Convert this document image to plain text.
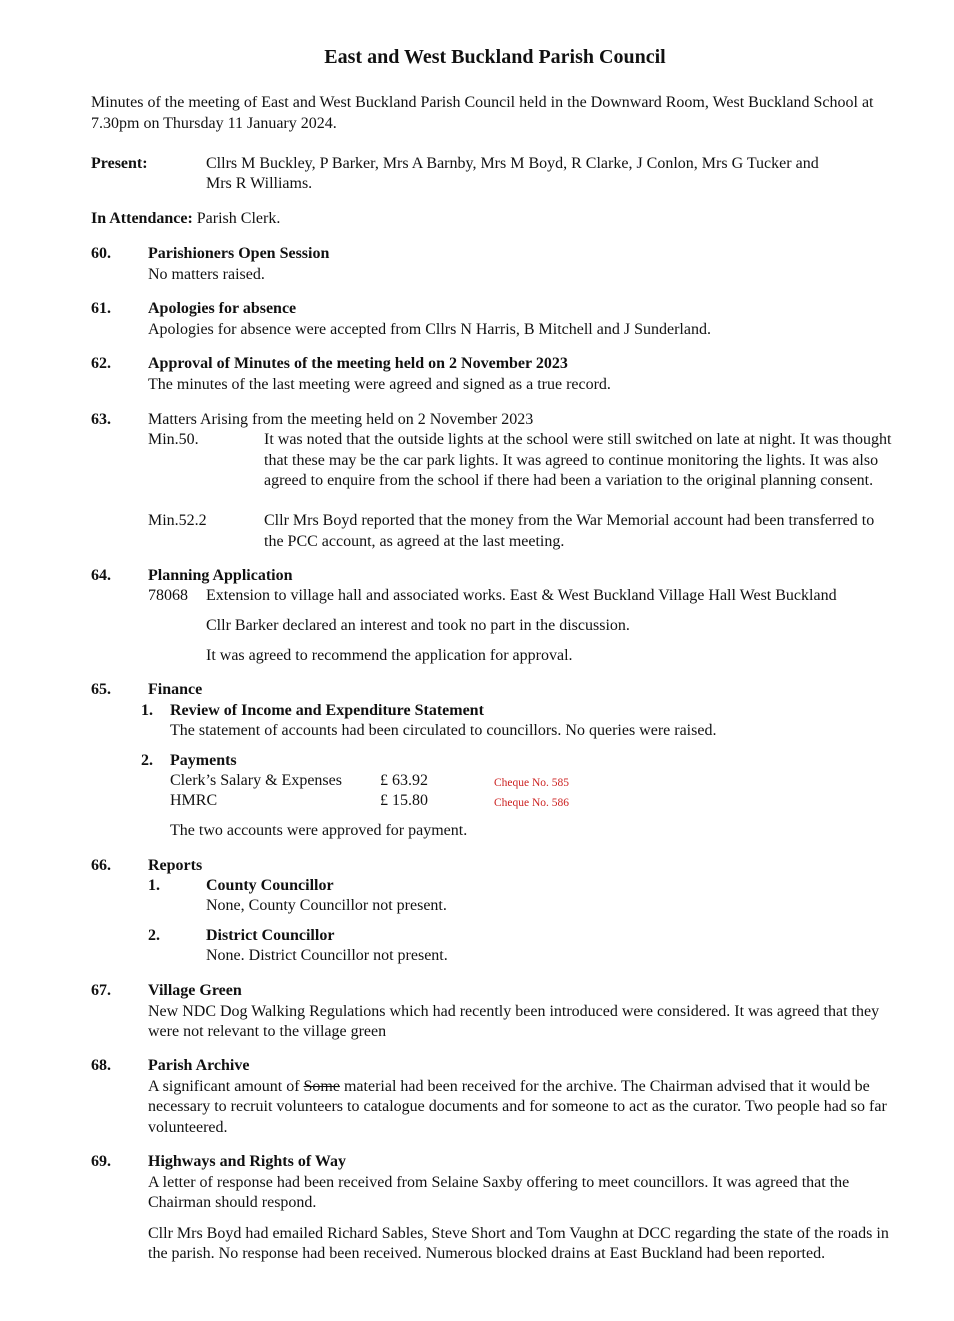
East and West Buckland Parish Council
Minutes of the meeting of East and West Buckland Parish Council held in the Downward Room, West Buckland School at 7.30pm on Thursday 11 January 2024.
Present:	Cllrs M Buckley, P Barker, Mrs A Barnby, Mrs M Boyd, R Clarke, J Conlon, Mrs G Tucker and
Mrs R Williams.
In Attendance: Parish Clerk.
60. Parishioners Open Session
No matters raised.
61. Apologies for absence
Apologies for absence were accepted from Cllrs N Harris, B Mitchell and J Sunderland.
62. Approval of Minutes of the meeting held on 2 November 2023
The minutes of the last meeting were agreed and signed as a true record.
63. Matters Arising from the meeting held on 2 November 2023
Min.50.	It was noted that the outside lights at the school were still switched on late at night. It was thought that these may be the car park lights. It was agreed to continue monitoring the lights. It was also agreed to enquire from the school if there had been a variation to the original planning consent.
Min.52.2	Cllr Mrs Boyd reported that the money from the War Memorial account had been transferred to the PCC account, as agreed at the last meeting.
64. Planning Application
78068 Extension to village hall and associated works. East & West Buckland Village Hall West Buckland
Cllr Barker declared an interest and took no part in the discussion.
It was agreed to recommend the application for approval.
65. Finance
1. Review of Income and Expenditure Statement
The statement of accounts had been circulated to councillors. No queries were raised.
2. Payments
Clerk’s Salary & Expenses £ 63.92	Cheque No. 585
HMRC	£ 15.80	Cheque No. 586
The two accounts were approved for payment.
66. Reports
1.	County Councillor
None, County Councillor not present.
2.	District Councillor
None. District Councillor not present.
67. Village Green
New NDC Dog Walking Regulations which had recently been introduced were considered. It was agreed that they were not relevant to the village green
68. Parish Archive
A significant amount of Some material had been received for the archive. The Chairman advised that it would be necessary to recruit volunteers to catalogue documents and for someone to act as the curator. Two people had so far volunteered.
69. Highways and Rights of Way
A letter of response had been received from Selaine Saxby offering to meet councillors. It was agreed that the Chairman should respond.
Cllr Mrs Boyd had emailed Richard Sables, Steve Short and Tom Vaughn at DCC regarding the state of the roads in the parish. No response had been received. Numerous blocked drains at East Buckland had been reported.
